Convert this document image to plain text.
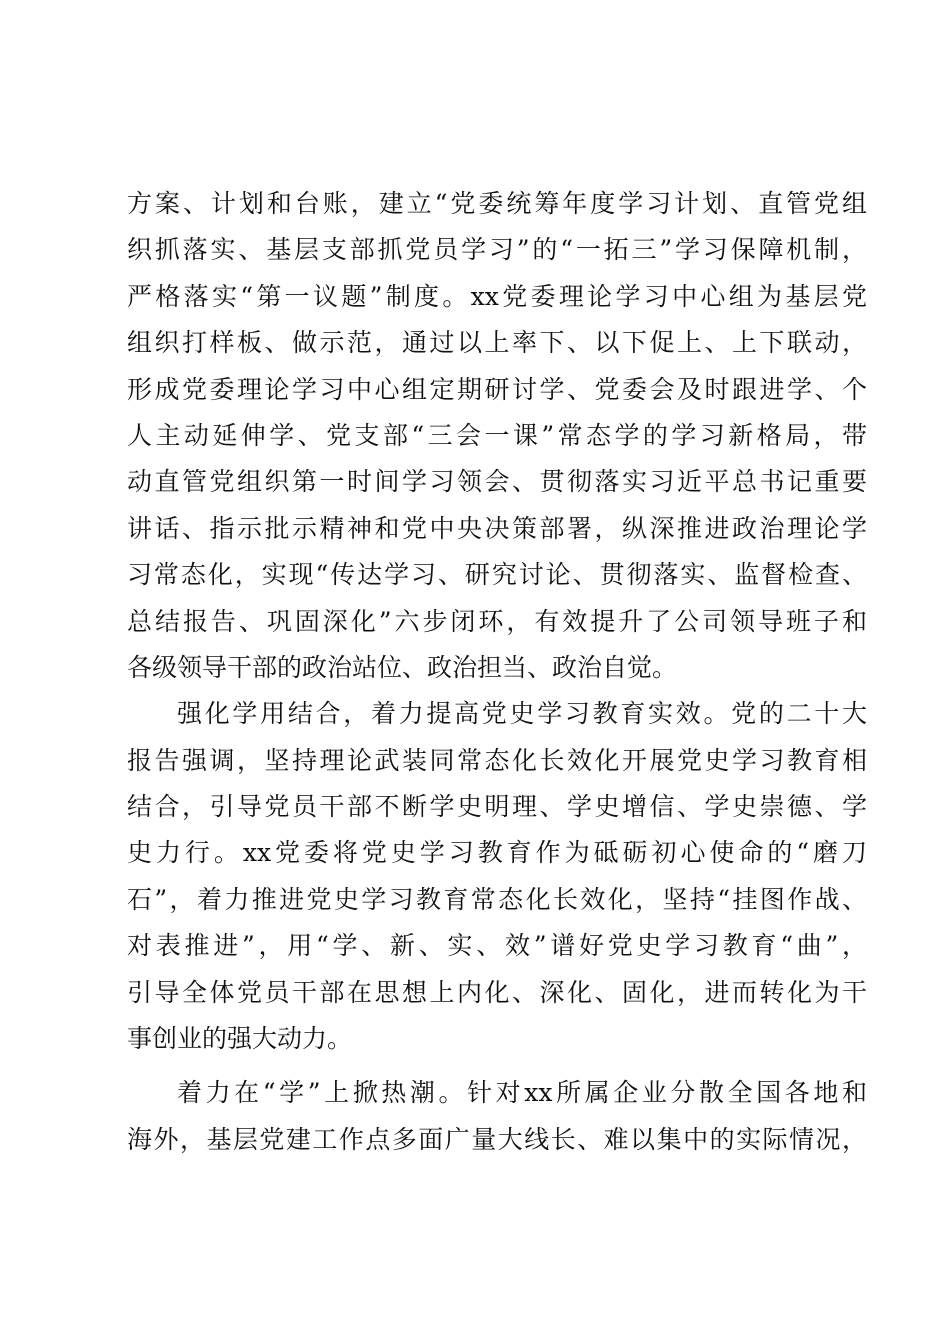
方案、计划和台账，建立“党委统筹年度学习计划、直管党组
织抓落实、基层支部抓党员学习”的“一拓三”学习保障机制，
严格落实“第一议题”制度。xx党委理论学习中心组为基层党
组织打样板、做示范，通过以上率下、以下促上、上下联动，
形成党委理论学习中心组定期研讨学、党委会及时跟进学、个
人主动延伸学、党支部“三会一课”常态学的学习新格局，带
动直管党组织第一时间学习领会、贯彻落实习近平总书记重要
讲话、指示批示精神和党中央决策部署，纵深推进政治理论学
习常态化，实现“传达学习、研究讨论、贯彻落实、监督检查、
总结报告、巩固深化”六步闭环，有效提升了公司领导班子和
各级领导干部的政治站位、政治担当、政治自觉。
强化学用结合，着力提高党史学习教育实效。党的二十大
报告强调，坚持理论武装同常态化长效化开展党史学习教育相
结合，引导党员干部不断学史明理、学史增信、学史崇德、学
史力行。xx党委将党史学习教育作为砥砺初心使命的“磨刀
石”，着力推进党史学习教育常态化长效化，坚持“挂图作战、
对表推进”，用“学、新、实、效”谱好党史学习教育“曲”，
引导全体党员干部在思想上内化、深化、固化，进而转化为干
事创业的强大动力。
着力在“学”上掀热潮。针对xx所属企业分散全国各地和
海外，基层党建工作点多面广量大线长、难以集中的实际情况，
